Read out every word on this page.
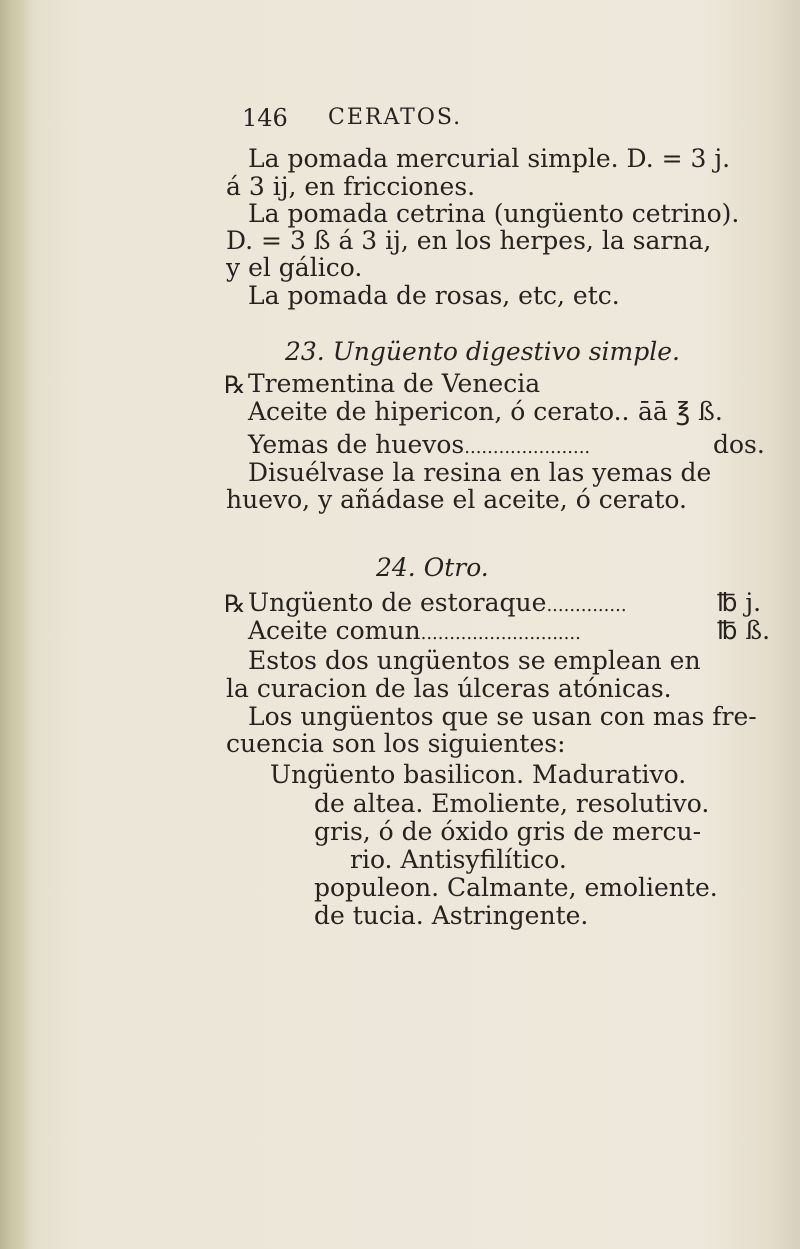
146 CERATOS.
La pomada mercurial simple. D. = 3 j.
á 3 ij, en fricciones.
La pomada cetrina (ungüento cetrino).
D. = 3 ß á 3 ij, en los herpes, la sarna,
y el gálico.
La pomada de rosas, etc, etc.
23. Ungüento digestivo simple.
℞ Trementina de Venecia
Aceite de hipericon, ó cerato.. āā ℥ ß.
Yemas de huevos......................	dos.
Disuélvase la resina en las yemas de
huevo, y añádase el aceite, ó cerato.
24. Otro.
℞ Ungüento de estoraque..............	℔ j.
Aceite comun............................	℔ ß.
Estos dos ungüentos se emplean en
la curacion de las úlceras atónicas.
Los ungüentos que se usan con mas fre-
cuencia son los siguientes:
Ungüento basilicon. Madurativo.
de altea. Emoliente, resolutivo.
gris, ó de óxido gris de mercu-
rio. Antisyfilítico.
populeon. Calmante, emoliente.
de tucia. Astringente.
